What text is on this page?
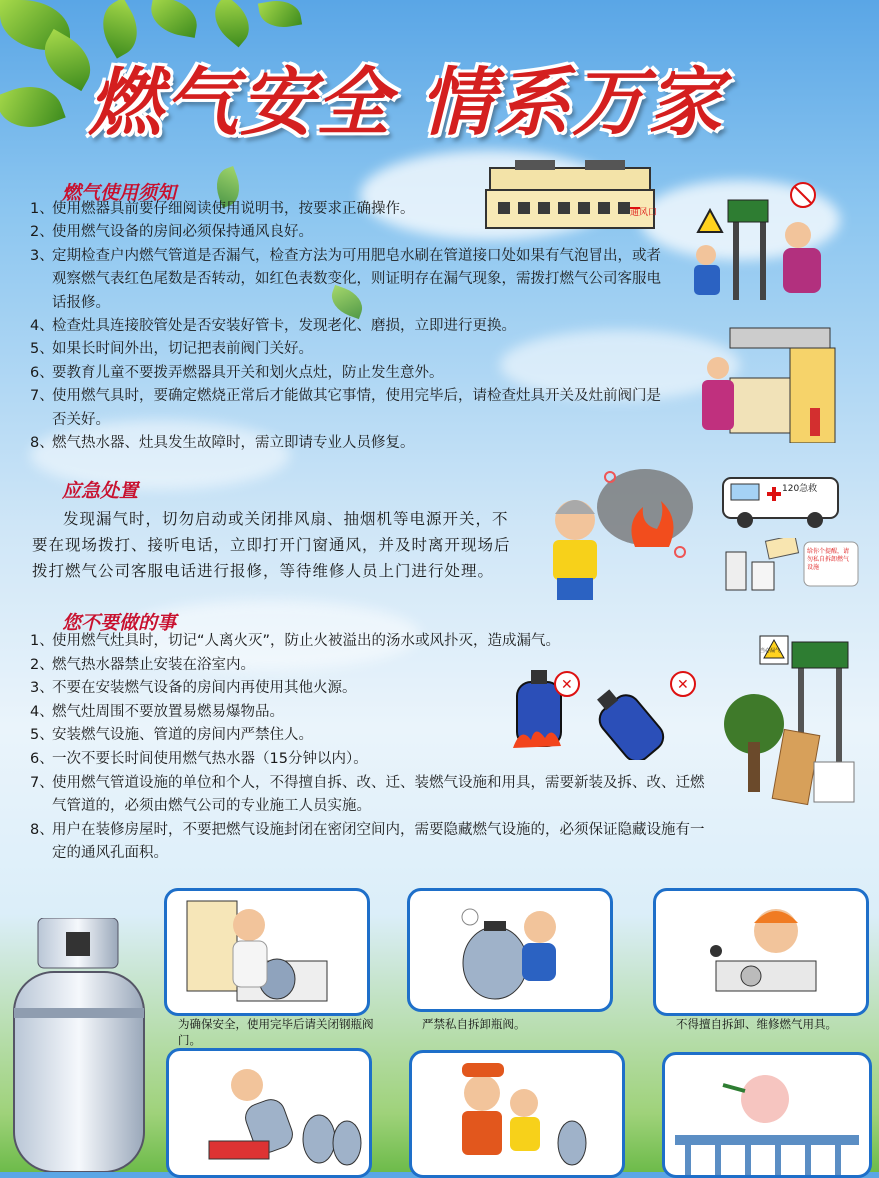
燃气安全 情系万家
燃气使用须知
1、
使用燃器具前要仔细阅读使用说明书，按要求正确操作。
2、
使用燃气设备的房间必须保持通风良好。
3、
定期检查户内燃气管道是否漏气，检查方法为可用肥皂水刷在管道接口处如果有气泡冒出，或者观察燃气表红色尾数是否转动，如红色表数变化，则证明存在漏气现象，需拨打燃气公司客服电话报修。
4、
检查灶具连接胶管处是否安装好管卡，发现老化、磨损，立即进行更换。
5、
如果长时间外出，切记把表前阀门关好。
6、
要教育儿童不要拨弄燃器具开关和划火点灶，防止发生意外。
7、
使用燃气具时，要确定燃烧正常后才能做其它事情，使用完毕后，请检查灶具开关及灶前阀门是否关好。
8、
燃气热水器、灶具发生故障时，需立即请专业人员修复。
通风口
应急处置
发现漏气时，切勿启动或关闭排风扇、抽烟机等电源开关，不要在现场拨打、接听电话，立即打开门窗通风，并及时离开现场后拨打燃气公司客服电话进行报修，等待维修人员上门进行处理。
120急救
给你个提醒，请勿私自拆卸燃气设施
您不要做的事
1、
使用燃气灶具时，切记“人离火灭”，防止火被溢出的汤水或风扑灭，造成漏气。
2、
燃气热水器禁止安装在浴室内。
3、
不要在安装燃气设备的房间内再使用其他火源。
4、
燃气灶周围不要放置易燃易爆物品。
5、
安装燃气设施、管道的房间内严禁住人。
6、
一次不要长时间使用燃气热水器（15分钟以内）。
7、
使用燃气管道设施的单位和个人，不得擅自拆、改、迁、装燃气设施和用具，需要新装及拆、改、迁燃气管道的，必须由燃气公司的专业施工人员实施。
8、
用户在装修房屋时，不要把燃气设施封闭在密闭空间内，需要隐藏燃气设施的，必须保证隐藏设施有一定的通风孔面积。
✕	✕
当心漏气
为确保安全，使用完毕后请关闭钢瓶阀门。
严禁私自拆卸瓶阀。	不得擅自拆卸、维修燃气用具。
